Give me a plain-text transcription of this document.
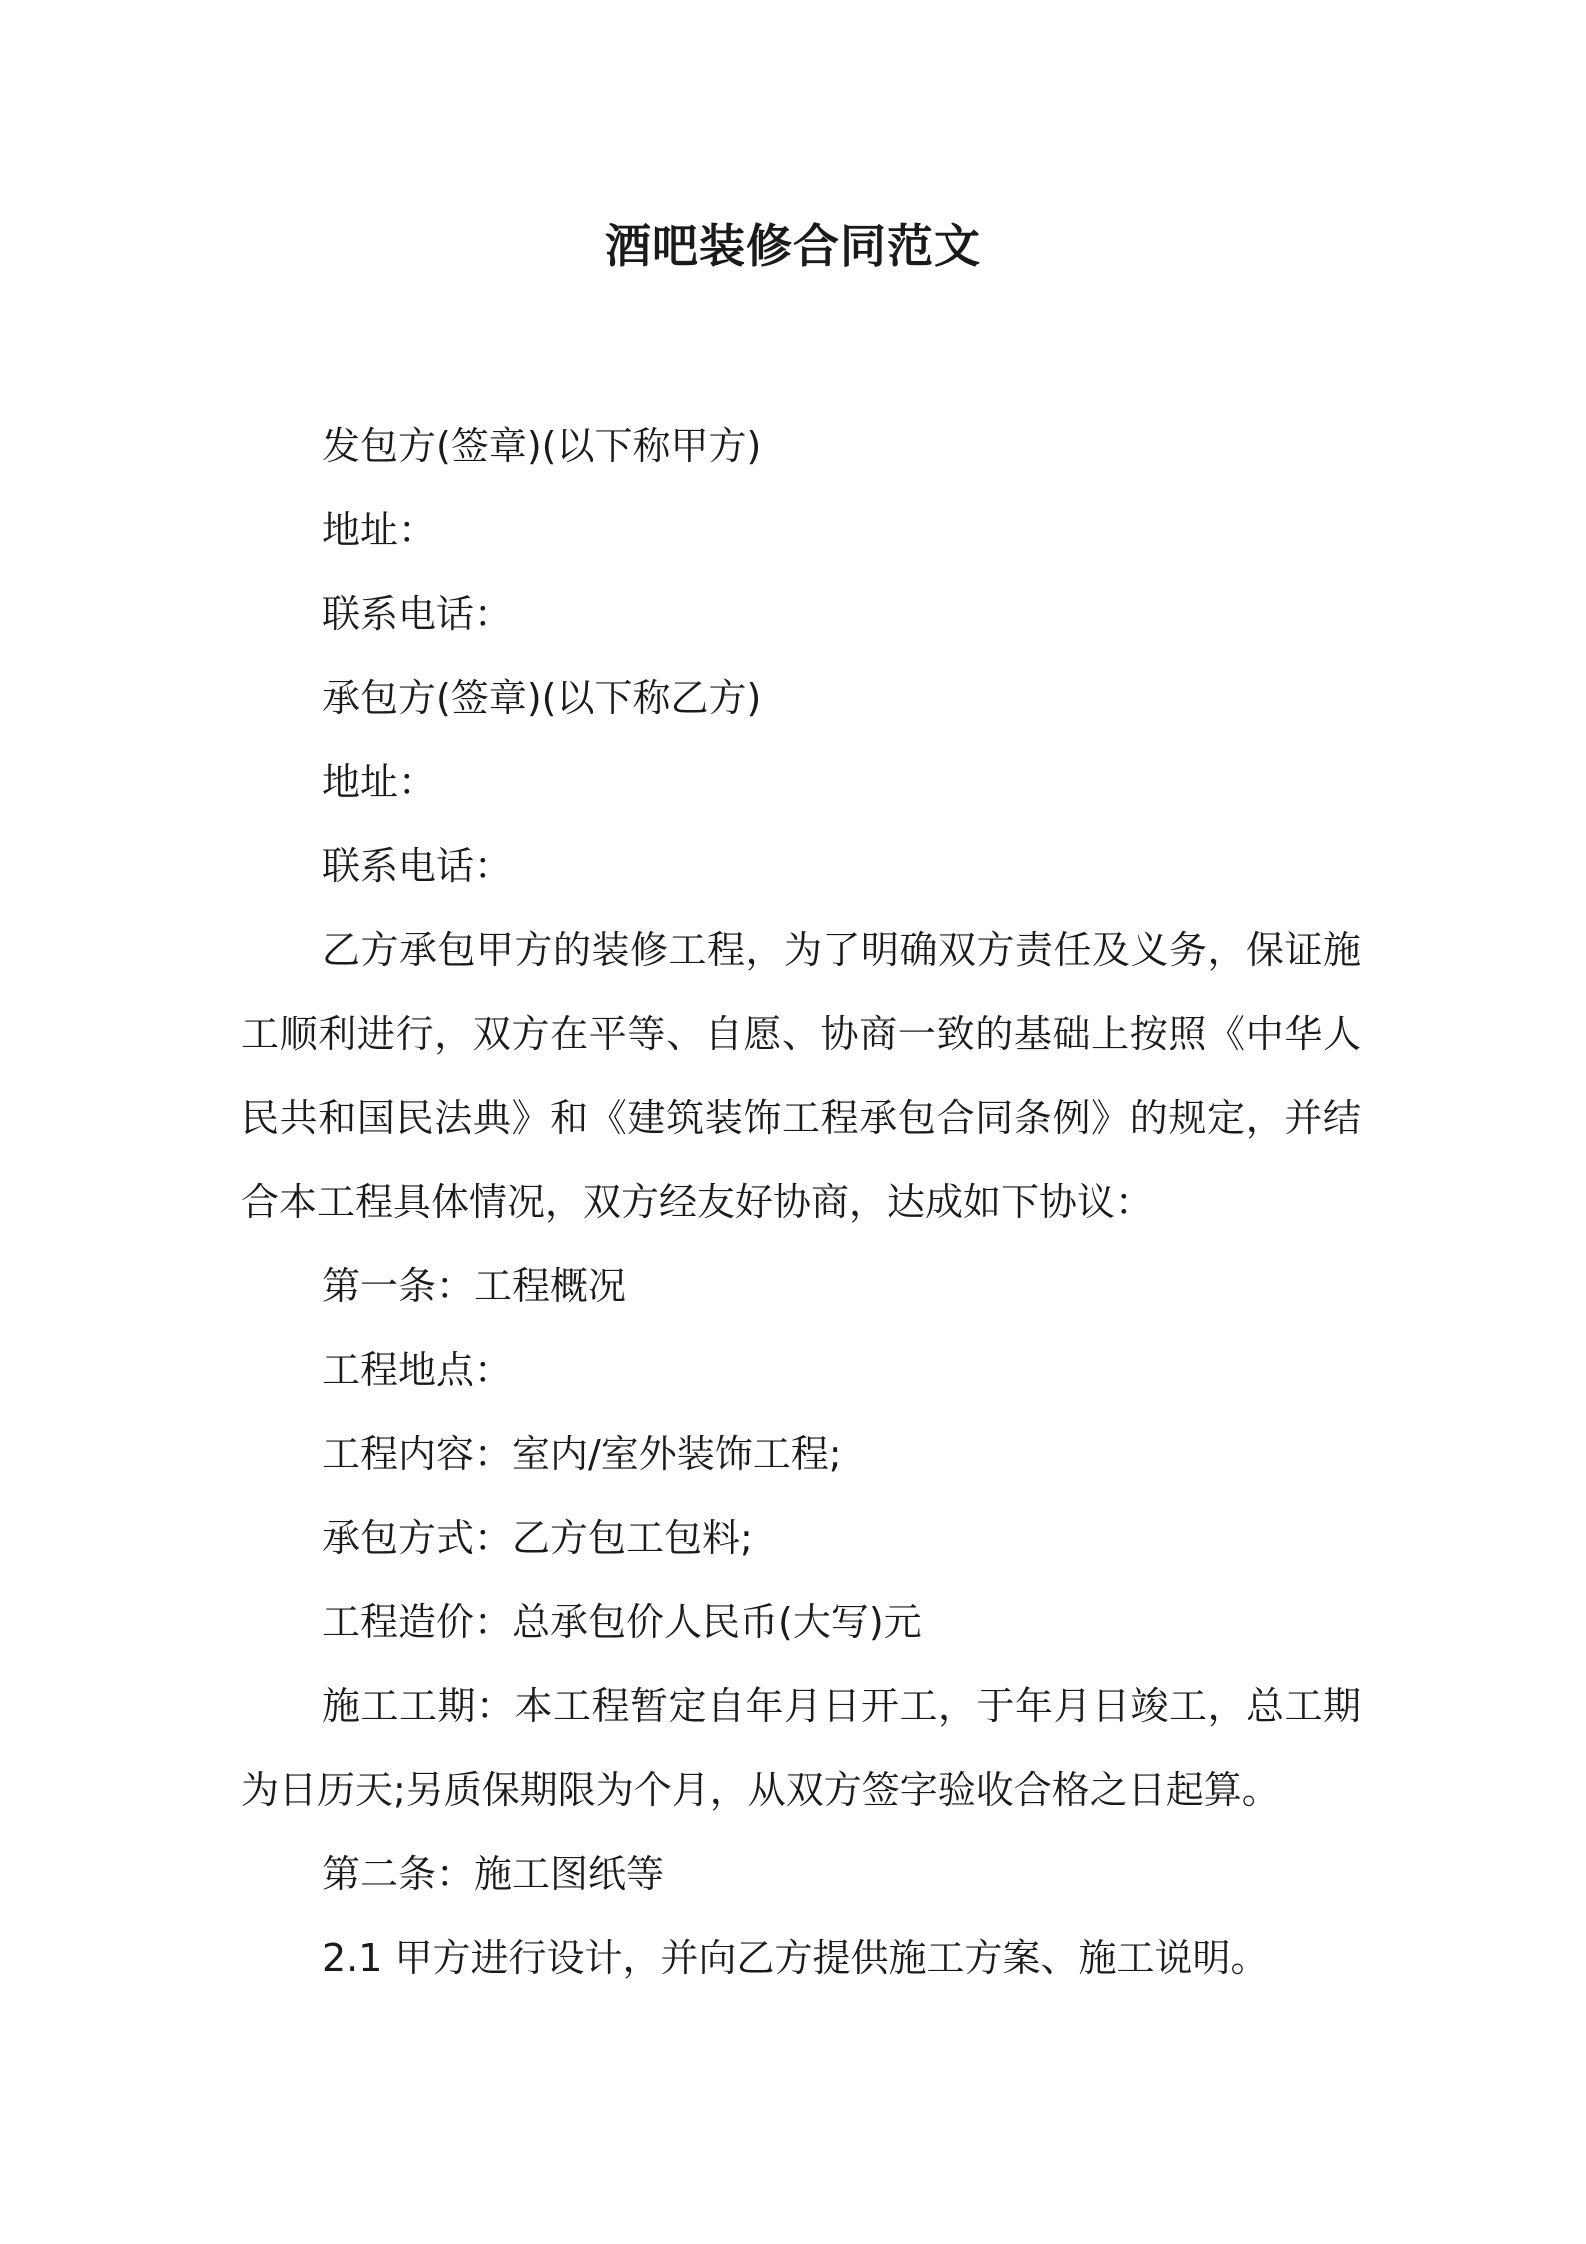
酒吧装修合同范文

发包方(签章)(以下称甲方)

地址：

联系电话：

承包方(签章)(以下称乙方)

地址：

联系电话：

乙方承包甲方的装修工程，为了明确双方责任及义务，保证施工顺利进行，双方在平等、自愿、协商一致的基础上按照《中华人民共和国民法典》和《建筑装饰工程承包合同条例》的规定，并结合本工程具体情况，双方经友好协商，达成如下协议：

第一条：工程概况

工程地点：

工程内容：室内/室外装饰工程;

承包方式：乙方包工包料;

工程造价：总承包价人民币(大写)元

施工工期：本工程暂定自年月日开工，于年月日竣工，总工期为日历天;另质保期限为个月，从双方签字验收合格之日起算。

第二条：施工图纸等

2.1 甲方进行设计，并向乙方提供施工方案、施工说明。
